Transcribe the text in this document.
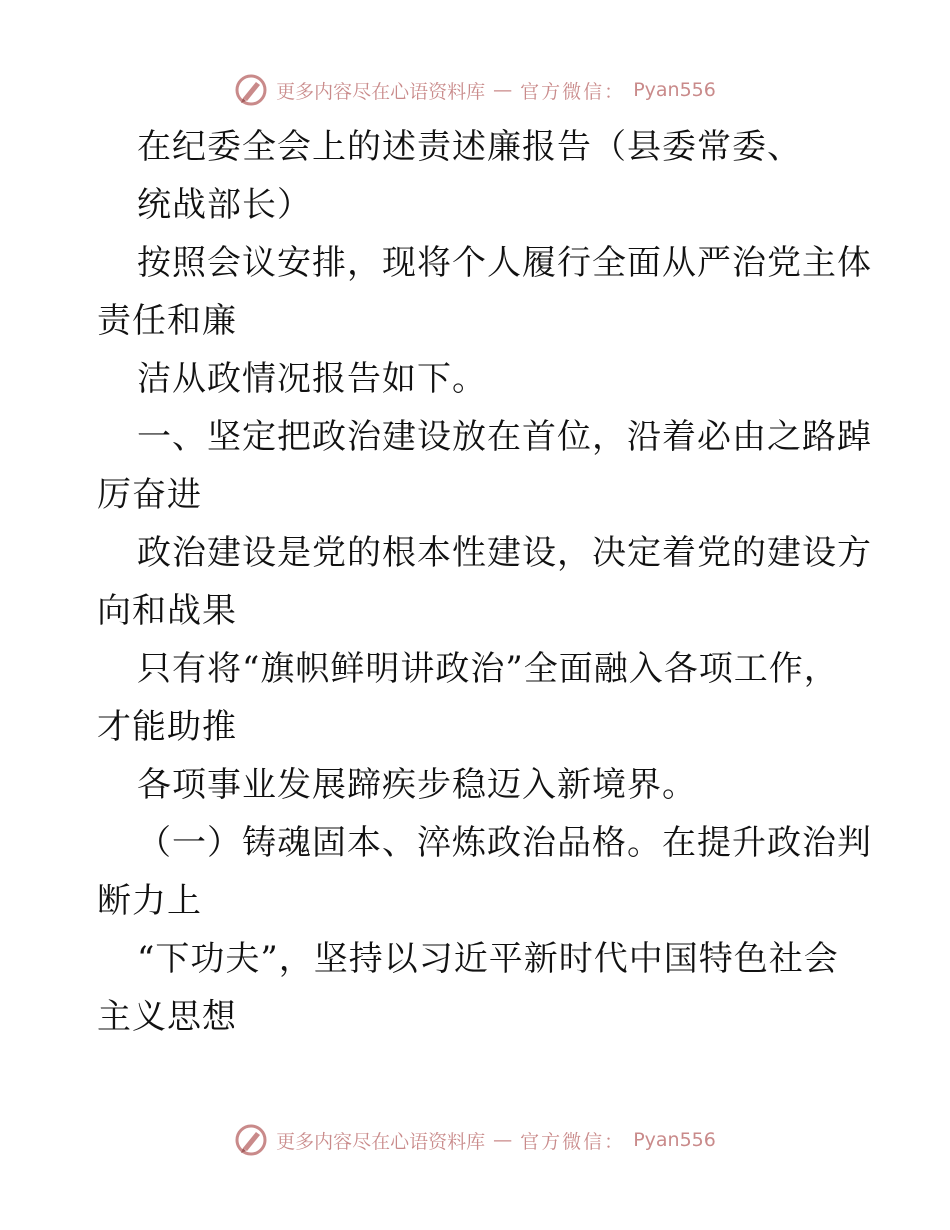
更多内容尽在心语资料库 — 官方微信： Pyan556
在纪委全会上的述责述廉报告（县委常委、
统战部长）
按照会议安排，现将个人履行全面从严治党主体
责任和廉
洁从政情况报告如下。
一、坚定把政治建设放在首位，沿着必由之路踔
厉奋进
政治建设是党的根本性建设，决定着党的建设方
向和战果
只有将“旗帜鲜明讲政治”全面融入各项工作，
才能助推
各项事业发展蹄疾步稳迈入新境界。
（一）铸魂固本、淬炼政治品格。在提升政治判
断力上
“下功夫”，坚持以习近平新时代中国特色社会
主义思想
更多内容尽在心语资料库 — 官方微信： Pyan556
